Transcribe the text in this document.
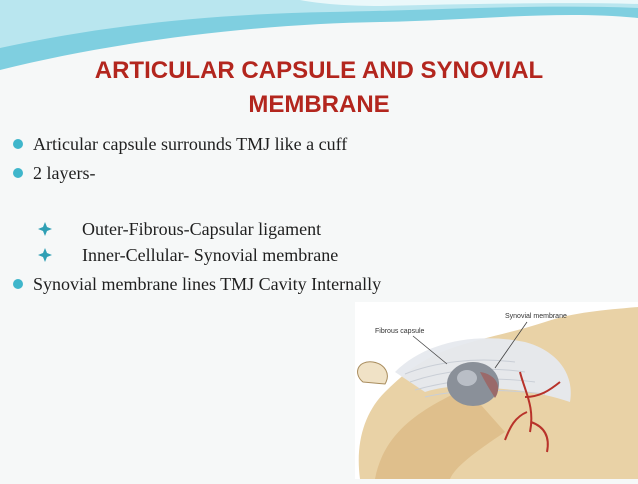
ARTICULAR CAPSULE AND SYNOVIAL
MEMBRANE
Articular capsule surrounds TMJ like a cuff
2 layers-
Outer-Fibrous-Capsular ligament
Inner-Cellular- Synovial membrane
Synovial membrane lines TMJ Cavity Internally
Fibrous capsule
Synovial membrane
